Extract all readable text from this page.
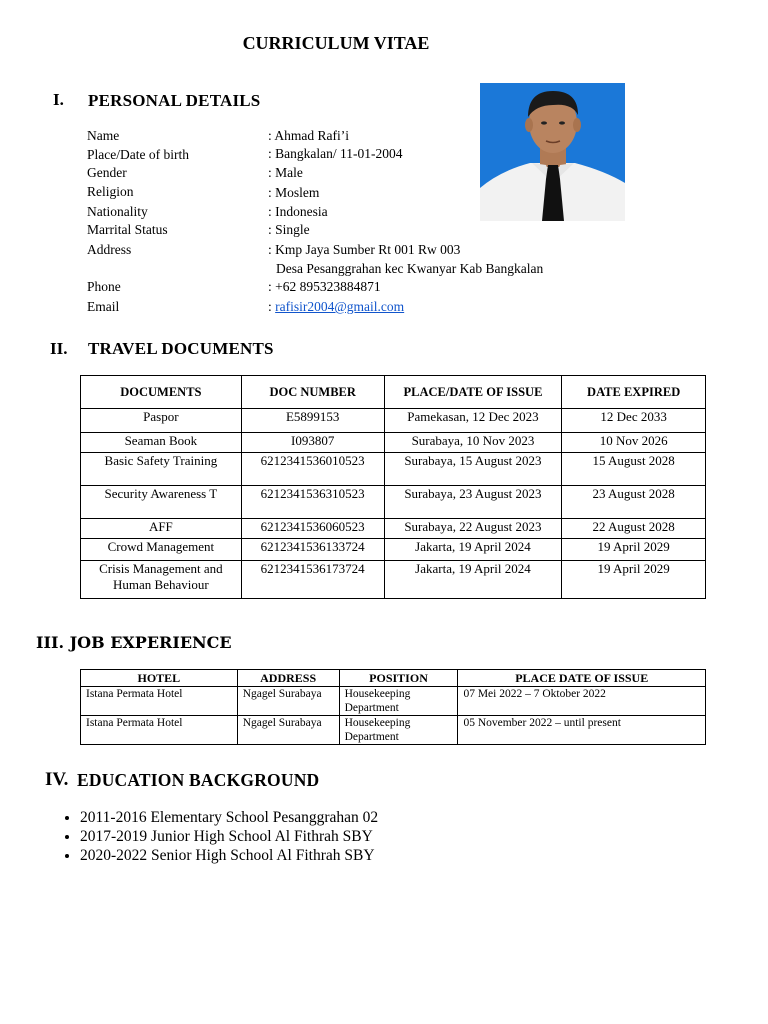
CURRICULUM VITAE
I. PERSONAL DETAILS
Name	: Ahmad Rafi’i
Place/Date of birth	: Bangkalan/ 11-01-2004
Gender	: Male
Religion	: Moslem
Nationality	: Indonesia
Marrital Status	: Single
Address	: Kmp Jaya Sumber Rt 001 Rw 003
Desa Pesanggrahan kec Kwanyar Kab Bangkalan
Phone	: +62 895323884871
Email	: rafisir2004@gmail.com
II. TRAVEL DOCUMENTS
DOCUMENTS	DOC NUMBER	PLACE/DATE OF ISSUE	DATE EXPIRED
Paspor	E5899153	Pamekasan, 12 Dec 2023	12 Dec 2033
Seaman Book	I093807	Surabaya, 10 Nov 2023	10 Nov 2026
Basic Safety Training	6212341536010523	Surabaya, 15 August 2023	15 August 2028
Security Awareness T	6212341536310523	Surabaya, 23 August 2023	23 August 2028
AFF	6212341536060523	Surabaya, 22 August 2023	22 August 2028
Crowd Management	6212341536133724	Jakarta, 19 April 2024	19 April 2029
Crisis Management and Human Behaviour	6212341536173724	Jakarta, 19 April 2024	19 April 2029
III. JOB EXPERIENCE
HOTEL	ADDRESS	POSITION	PLACE DATE OF ISSUE
Istana Permata Hotel	Ngagel Surabaya	Housekeeping Department	07 Mei 2022 – 7 Oktober 2022
Istana Permata Hotel	Ngagel Surabaya	Housekeeping Department	05 November 2022 – until present
IV. EDUCATION BACKGROUND
• 2011-2016 Elementary School Pesanggrahan 02
• 2017-2019 Junior High School Al Fithrah SBY
• 2020-2022 Senior High School Al Fithrah SBY
